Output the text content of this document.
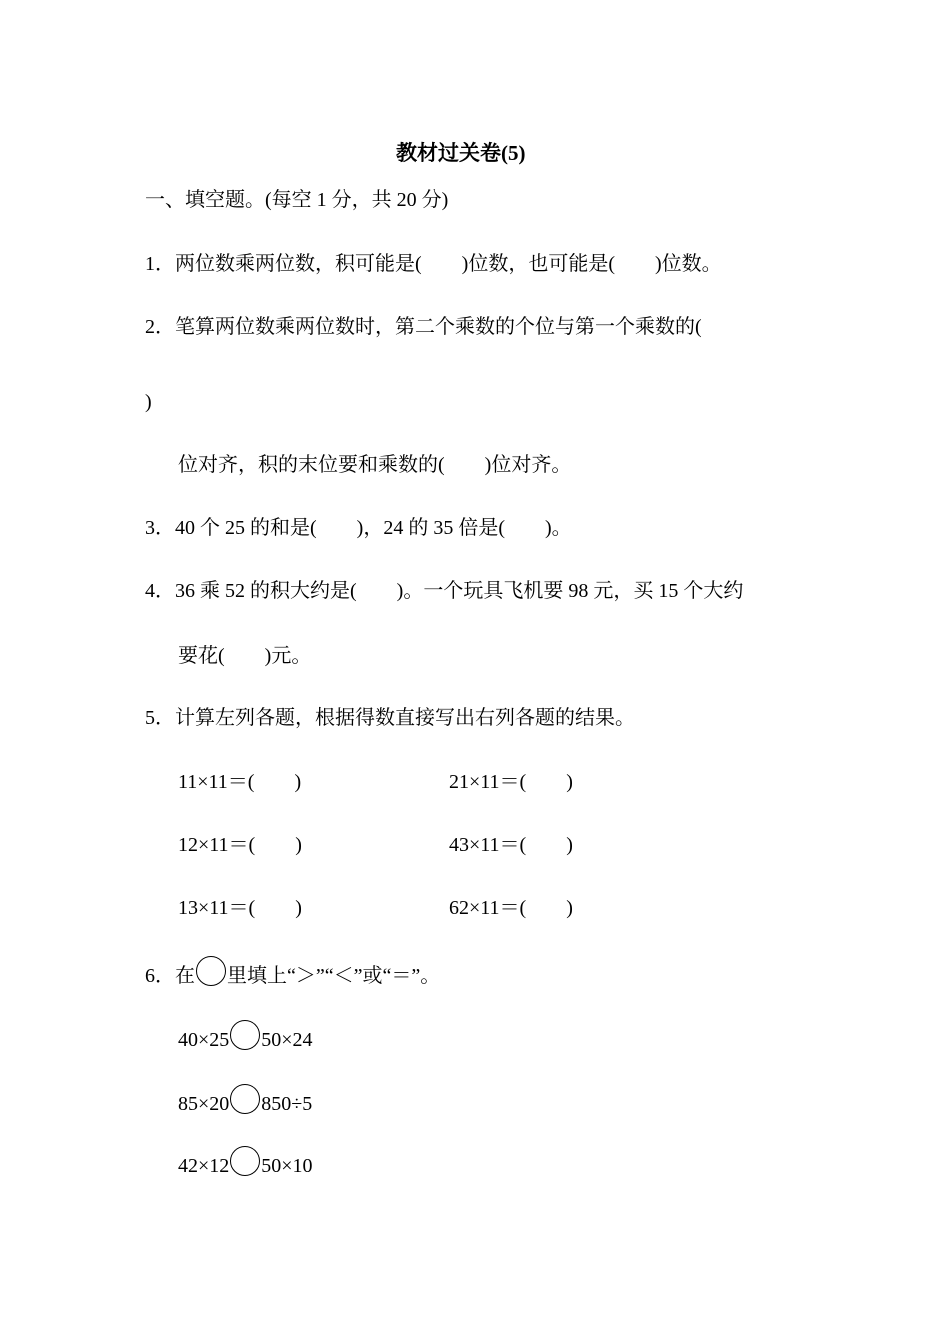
教材过关卷(5)
一、填空题。(每空 1 分，共 20 分)
1．两位数乘两位数，积可能是(　　)位数，也可能是(　　)位数。
2．笔算两位数乘两位数时，第二个乘数的个位与第一个乘数的(
)
位对齐，积的末位要和乘数的(　　)位对齐。
3．40 个 25 的和是(　　)，24 的 35 倍是(　　)。
4．36 乘 52 的积大约是(　　)。一个玩具飞机要 98 元，买 15 个大约
要花(　　)元。
5．计算左列各题，根据得数直接写出右列各题的结果。
11×11＝(　　)	21×11＝(　　)
12×11＝(　　)	43×11＝(　　)
13×11＝(　　)	62×11＝(　　)
6．在 里填上“＞”“＜”或“＝”。
40×25 50×24
85×20 850÷5
42×12 50×10
